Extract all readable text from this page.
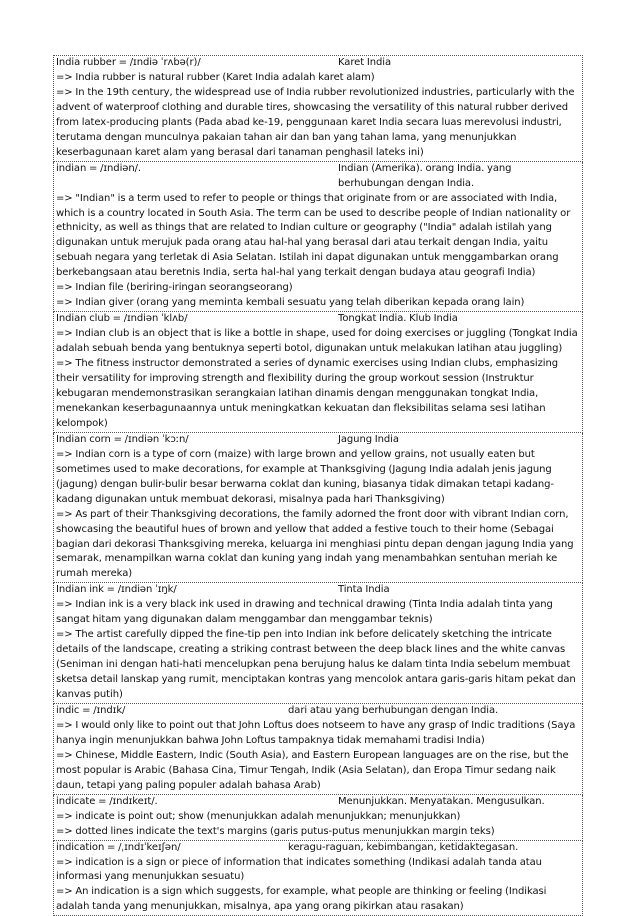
India rubber = /ɪndiə ˈrʌbə(r)/	Karet India
=> India rubber is natural rubber (Karet India adalah karet alam)
=> In the 19th century, the widespread use of India rubber revolutionized industries, particularly with the advent of waterproof clothing and durable tires, showcasing the versatility of this natural rubber derived from latex-producing plants (Pada abad ke-19, penggunaan karet India secara luas merevolusi industri, terutama dengan munculnya pakaian tahan air dan ban yang tahan lama, yang menunjukkan keserbagunaan karet alam yang berasal dari tanaman penghasil lateks ini)
indian = /ɪndiən/.	Indian (Amerika). orang India. yang berhubungan dengan India.
=> "Indian" is a term used to refer to people or things that originate from or are associated with India, which is a country located in South Asia. The term can be used to describe people of Indian nationality or ethnicity, as well as things that are related to Indian culture or geography ("India" adalah istilah yang digunakan untuk merujuk pada orang atau hal-hal yang berasal dari atau terkait dengan India, yaitu sebuah negara yang terletak di Asia Selatan. Istilah ini dapat digunakan untuk menggambarkan orang berkebangsaan atau beretnis India, serta hal-hal yang terkait dengan budaya atau geografi India)
=> Indian file (beriring-iringan seorangseorang)
=> Indian giver (orang yang meminta kembali sesuatu yang telah diberikan kepada orang lain)
Indian club = /ɪndiən ˈklʌb/	Tongkat India. Klub India
=> Indian club is an object that is like a bottle in shape, used for doing exercises or juggling (Tongkat India adalah sebuah benda yang bentuknya seperti botol, digunakan untuk melakukan latihan atau juggling)
=> The fitness instructor demonstrated a series of dynamic exercises using Indian clubs, emphasizing their versatility for improving strength and flexibility during the group workout session (Instruktur kebugaran mendemonstrasikan serangkaian latihan dinamis dengan menggunakan tongkat India, menekankan keserbagunaannya untuk meningkatkan kekuatan dan fleksibilitas selama sesi latihan kelompok)
Indian corn = /ɪndiən ˈkɔːn/	Jagung India
=> Indian corn is a type of corn (maize) with large brown and yellow grains, not usually eaten but sometimes used to make decorations, for example at Thanksgiving (Jagung India adalah jenis jagung (jagung) dengan bulir-bulir besar berwarna coklat dan kuning, biasanya tidak dimakan tetapi kadang-kadang digunakan untuk membuat dekorasi, misalnya pada hari Thanksgiving)
=> As part of their Thanksgiving decorations, the family adorned the front door with vibrant Indian corn, showcasing the beautiful hues of brown and yellow that added a festive touch to their home (Sebagai bagian dari dekorasi Thanksgiving mereka, keluarga ini menghiasi pintu depan dengan jagung India yang semarak, menampilkan warna coklat dan kuning yang indah yang menambahkan sentuhan meriah ke rumah mereka)
Indian ink = /ɪndiən ˈɪŋk/	Tinta India
=> Indian ink is a very black ink used in drawing and technical drawing (Tinta India adalah tinta yang sangat hitam yang digunakan dalam menggambar dan menggambar teknis)
=> The artist carefully dipped the fine-tip pen into Indian ink before delicately sketching the intricate details of the landscape, creating a striking contrast between the deep black lines and the white canvas (Seniman ini dengan hati-hati mencelupkan pena berujung halus ke dalam tinta India sebelum membuat sketsa detail lanskap yang rumit, menciptakan kontras yang mencolok antara garis-garis hitam pekat dan kanvas putih)
indic = /ɪndɪk/	dari atau yang berhubungan dengan India.
=> I would only like to point out that John Loftus does notseem to have any grasp of Indic traditions (Saya hanya ingin menunjukkan bahwa John Loftus tampaknya tidak memahami tradisi India)
=> Chinese, Middle Eastern, Indic (South Asia), and Eastern European languages are on the rise, but the most popular is Arabic (Bahasa Cina, Timur Tengah, Indik (Asia Selatan), dan Eropa Timur sedang naik daun, tetapi yang paling populer adalah bahasa Arab)
indicate = /ɪndɪkeɪt/.	Menunjukkan. Menyatakan. Mengusulkan.
=> indicate is point out; show (menunjukkan adalah menunjukkan; menunjukkan)
=> dotted lines indicate the text's margins (garis putus-putus menunjukkan margin teks)
indication = /ˌɪndɪˈkeɪʃən/	keragu-raguan, kebimbangan, ketidaktegasan.
=> indication is a sign or piece of information that indicates something (Indikasi adalah tanda atau informasi yang menunjukkan sesuatu)
=> An indication is a sign which suggests, for example, what people are thinking or feeling (Indikasi adalah tanda yang menunjukkan, misalnya, apa yang orang pikirkan atau rasakan)
